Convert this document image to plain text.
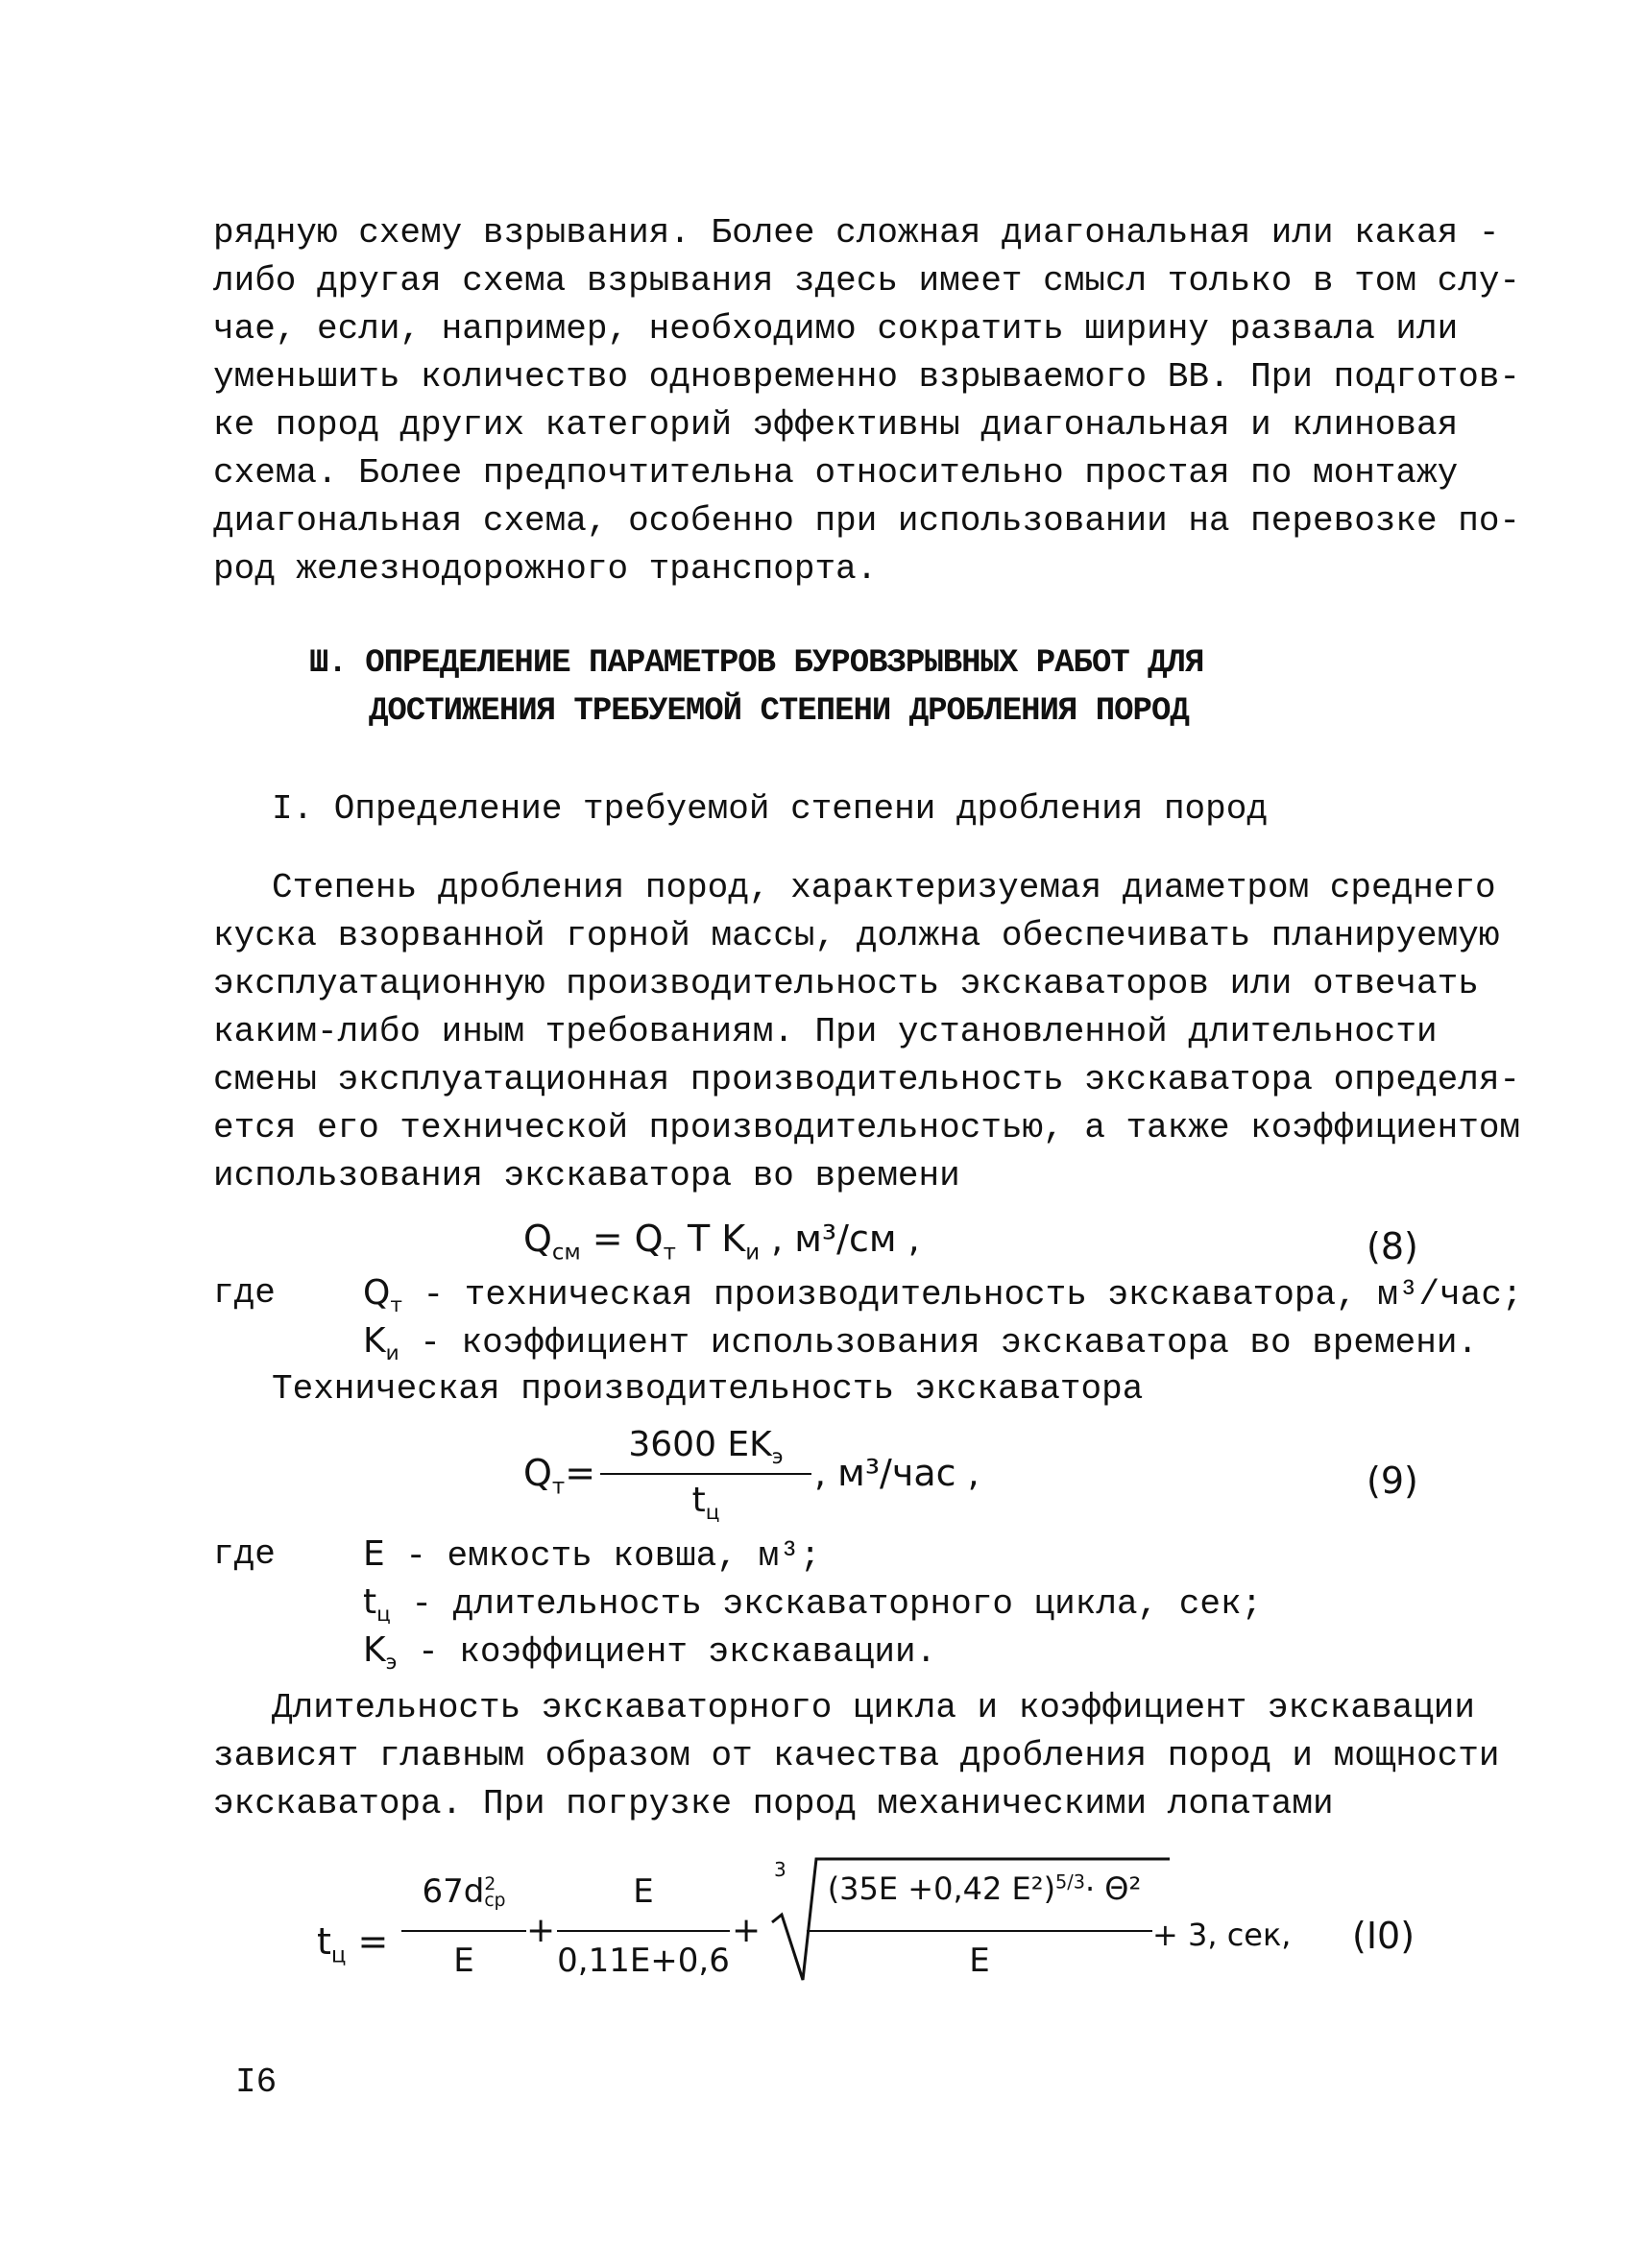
рядную схему взрывания. Более сложная диагональная или какая -
либо другая схема взрывания здесь имеет смысл только в том слу-
чае, если, например, необходимо сократить ширину развала или
уменьшить количество одновременно взрываемого ВВ. При подготов-
ке пород других категорий эффективны диагональная и клиновая
схема. Более предпочтительна относительно простая по монтажу
диагональная схема, особенно при использовании на перевозке по-
род железнодорожного транспорта.
Ш. ОПРЕДЕЛЕНИЕ ПАРАМЕТРОВ БУРОВЗРЫВНЫХ РАБОТ ДЛЯ
ДОСТИЖЕНИЯ ТРЕБУЕМОЙ СТЕПЕНИ ДРОБЛЕНИЯ ПОРОД
I. Определение требуемой степени дробления пород
Степень дробления пород, характеризуемая диаметром среднего
куска взорванной горной массы, должна обеспечивать планируемую
эксплуатационную производительность экскаваторов или отвечать
каким-либо иным требованиям. При установленной длительности
смены эксплуатационная производительность экскаватора определя-
ется его технической производительностью, а также коэффициентом
использования экскаватора во времени
$Q_{см} = Q_т$ T $K_и$ , м³/см ,	(8)
где	$Q_т$ - техническая производительность экскаватора, м³/час;
$K_и$ - коэффициент использования экскаватора во времени.
Техническая производительность экскаватора
$Q_т=$
3600 $EK_э$
$t_ц$
, м³/час ,	(9)
где	E - емкость ковша, м³;
$t_ц$ - длительность экскаваторного цикла, сек;
$K_э$ - коэффициент экскавации.
Длительность экскаваторного цикла и коэффициент экскавации
зависят главным образом от качества дробления пород и мощности
экскаватора. При погрузке пород механическими лопатами
$t_ц$ =
67d2
ср
E
+
E
0,11E+0,6
+
3
(35E +0,42 E²)$^{5/3}$· Θ²
E
+ 3, сек, (I0)
I6
